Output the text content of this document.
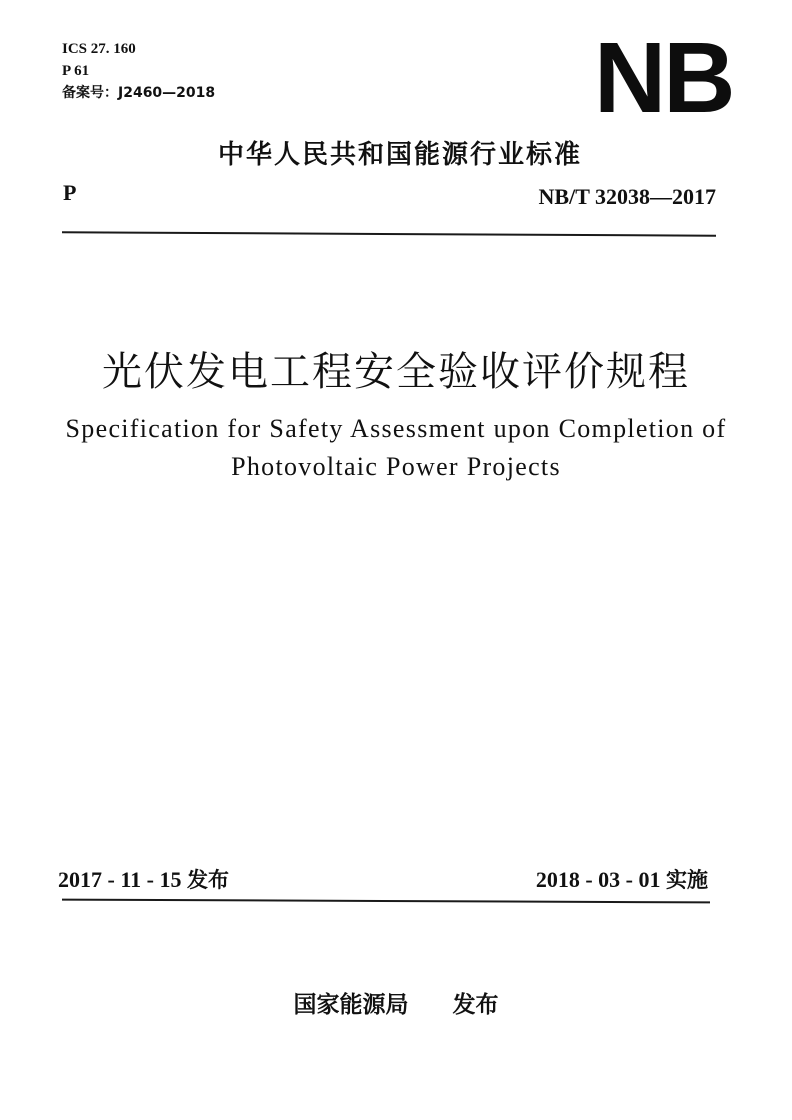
ICS 27. 160
P 61
备案号：J2460—2018	NB
中华人民共和国能源行业标准
P	NB/T 32038—2017
光伏发电工程安全验收评价规程
Specification for Safety Assessment upon Completion of
Photovoltaic Power Projects
2017 - 11 - 15 发布	2018 - 03 - 01 实施
国家能源局 发布
